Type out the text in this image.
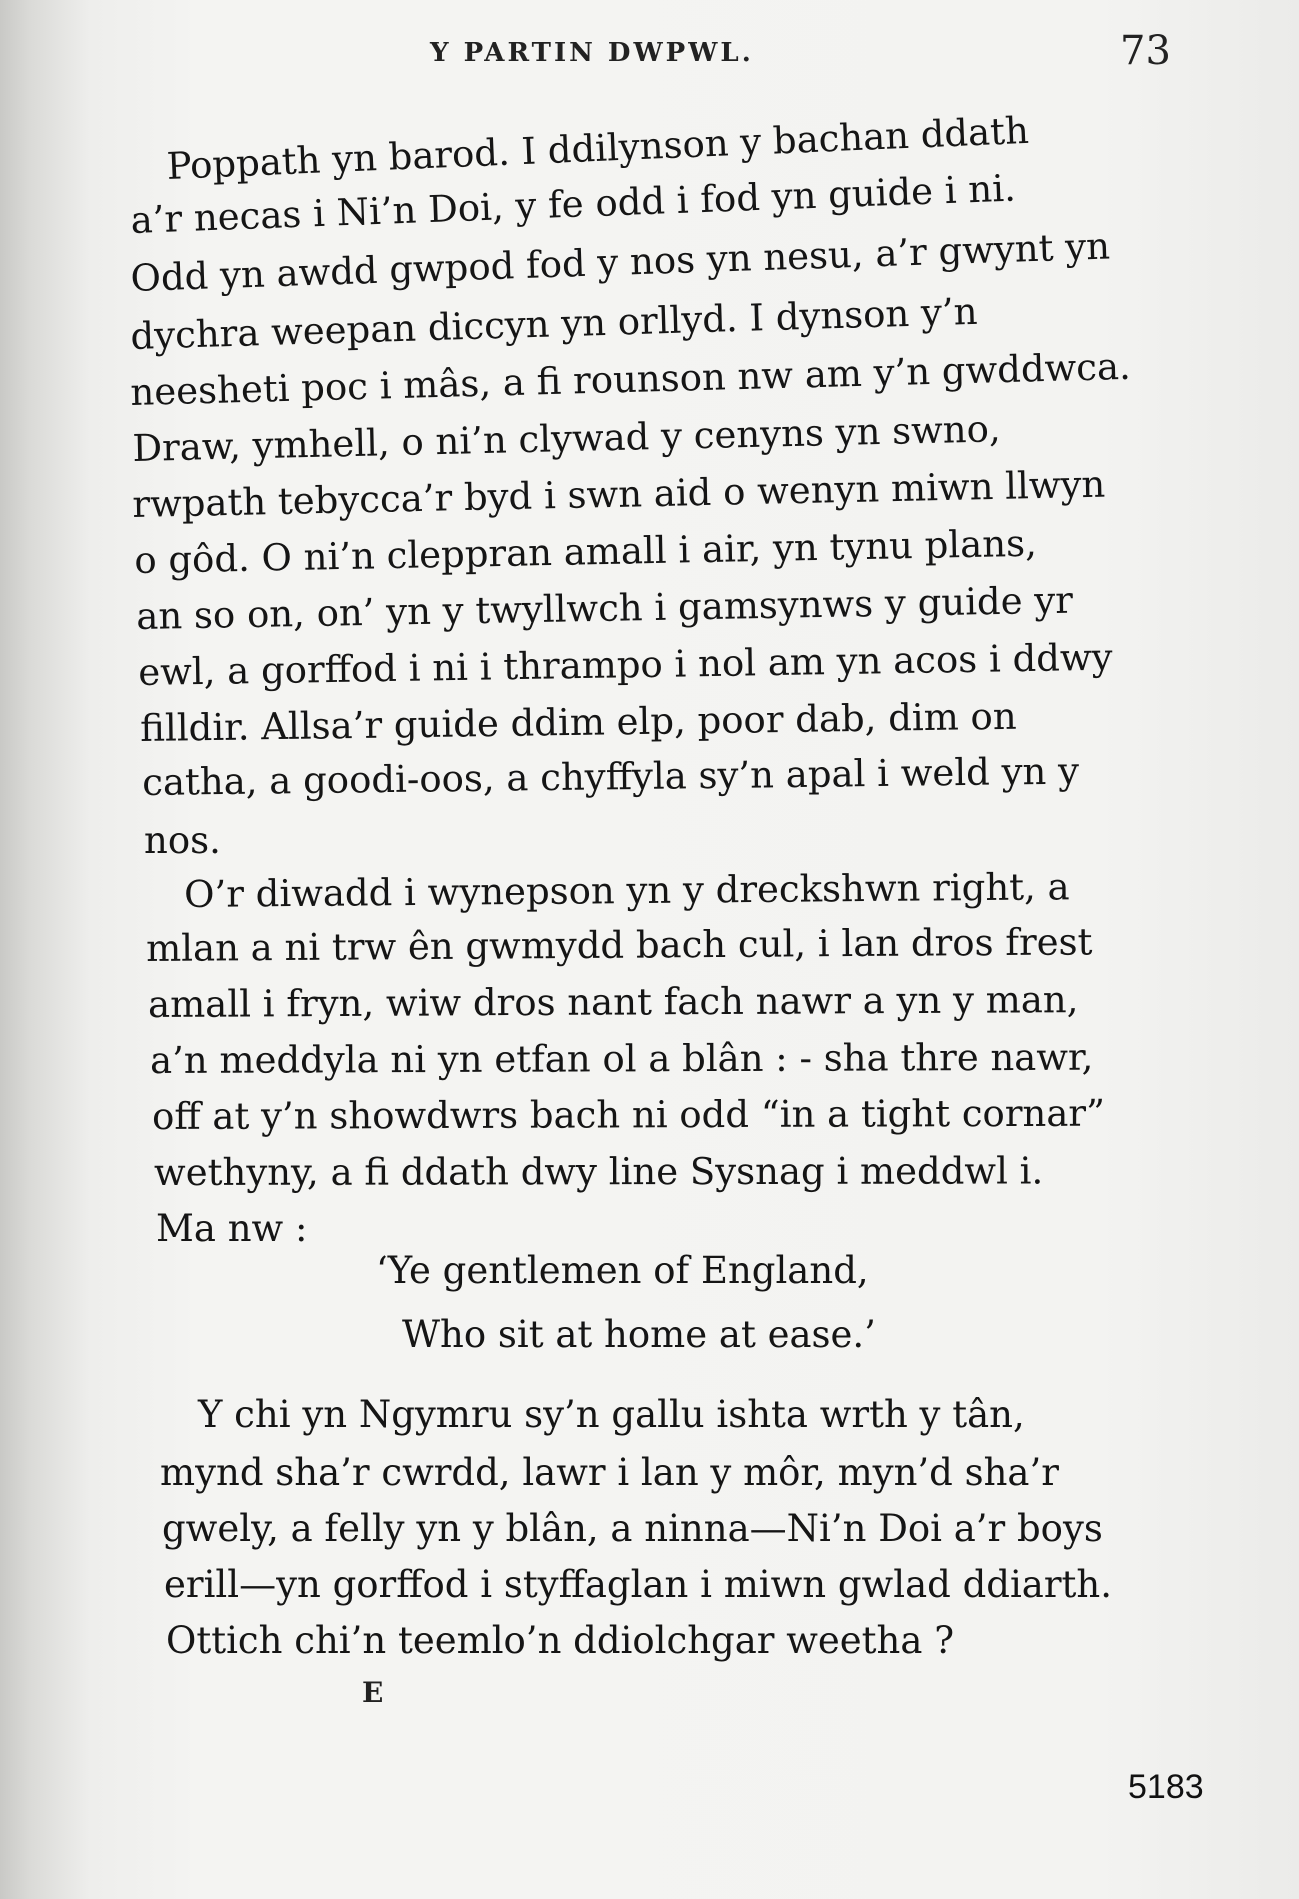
Y PARTIN DWPWL.	73
Poppath yn barod. I ddilynson y bachan ddath
a’r necas i Ni’n Doi, y fe odd i fod yn guide i ni.
Odd yn awdd gwpod fod y nos yn nesu, a’r gwynt yn
dychra weepan diccyn yn orllyd. I dynson y’n
neesheti poc i mâs, a fi rounson nw am y’n gwddwca.
Draw, ymhell, o ni’n clywad y cenyns yn swno,
rwpath tebycca’r byd i swn aid o wenyn miwn llwyn
o gôd. O ni’n cleppran amall i air, yn tynu plans,
an so on, on’ yn y twyllwch i gamsynws y guide yr
ewl, a gorffod i ni i thrampo i nol am yn acos i ddwy
filldir. Allsa’r guide ddim elp, poor dab, dim on
catha, a goodi-oos, a chyffyla sy’n apal i weld yn y
nos.
O’r diwadd i wynepson yn y dreckshwn right, a
mlan a ni trw ên gwmydd bach cul, i lan dros frest
amall i fryn, wiw dros nant fach nawr a yn y man,
a’n meddyla ni yn etfan ol a blân : - sha thre nawr,
off at y’n showdwrs bach ni odd “in a tight cornar”
wethyny, a fi ddath dwy line Sysnag i meddwl i.
Ma nw :
‘Ye gentlemen of England,
Who sit at home at ease.’
Y chi yn Ngymru sy’n gallu ishta wrth y tân,
mynd sha’r cwrdd, lawr i lan y môr, myn’d sha’r
gwely, a felly yn y blân, a ninna—Ni’n Doi a’r boys
erill—yn gorffod i styffaglan i miwn gwlad ddiarth.
Ottich chi’n teemlo’n ddiolchgar weetha ?
E
5183
